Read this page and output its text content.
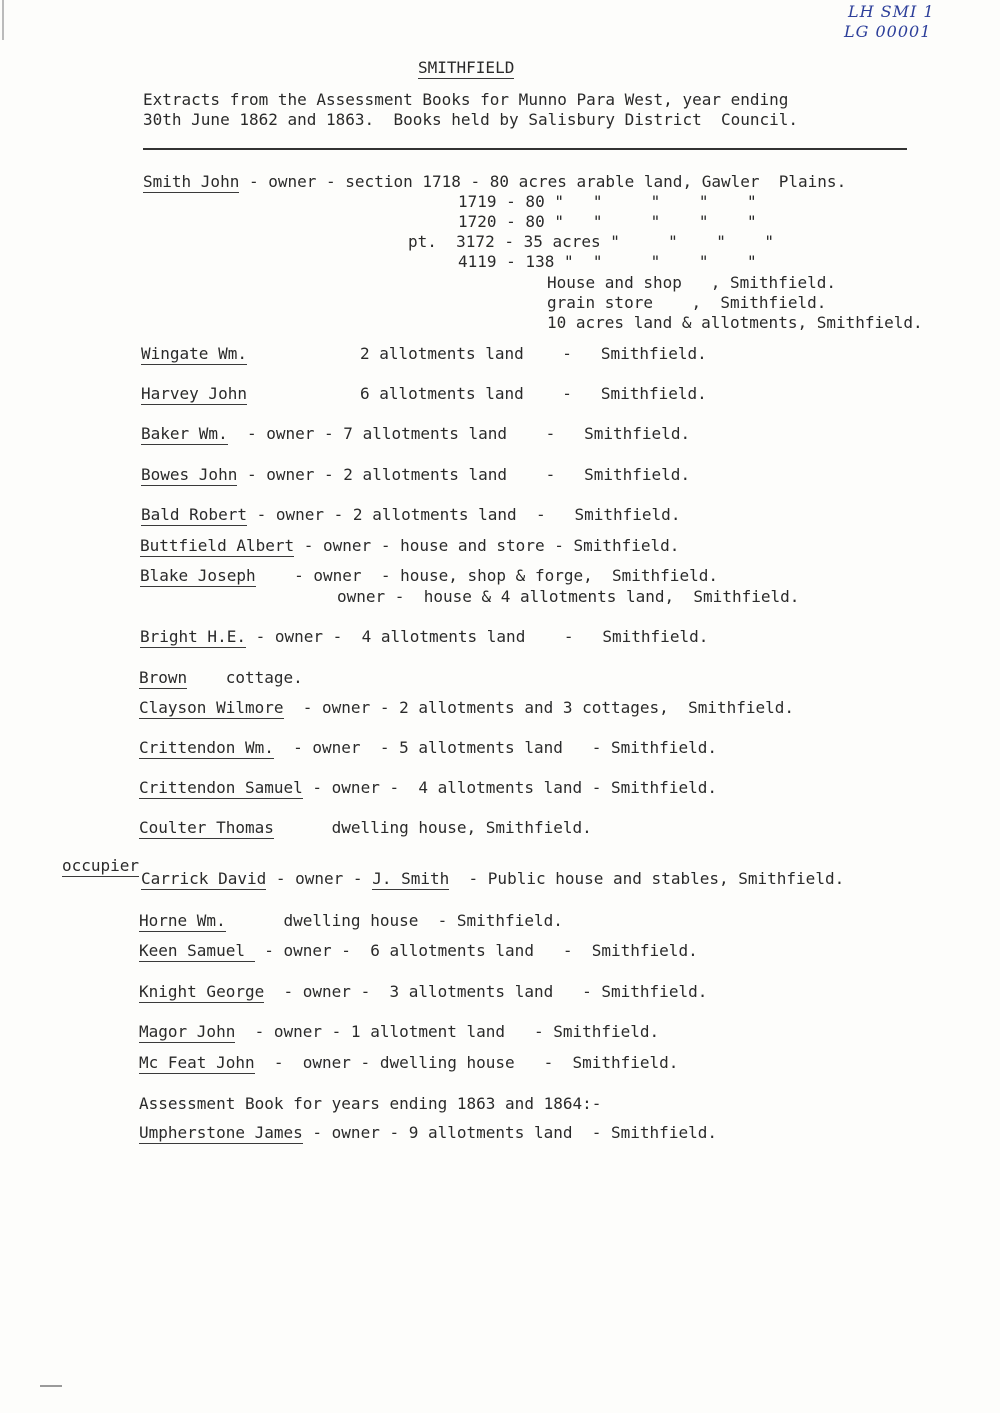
LH SMI 1
LG 00001
SMITHFIELD
Extracts from the Assessment Books for Munno Para West, year ending
30th June 1862 and 1863.  Books held by Salisbury District  Council.
Smith John - owner - section 1718 - 80 acres arable land, Gawler  Plains.
1719 - 80 "   "     "    "    "
1720 - 80 "   "     "    "    "
pt.  3172 - 35 acres "     "    "    "
4119 - 138 "  "     "    "    "
House and shop   , Smithfield.
grain store    ,  Smithfield.
10 acres land & allotments, Smithfield.
Wingate Wm.	2 allotments land    -   Smithfield.
Harvey John	6 allotments land    -   Smithfield.
Baker Wm.  - owner - 7 allotments land    -   Smithfield.
Bowes John - owner - 2 allotments land    -   Smithfield.
Bald Robert - owner - 2 allotments land  -   Smithfield.
Buttfield Albert - owner - house and store - Smithfield.
Blake Joseph    - owner  - house, shop & forge,  Smithfield.
owner -  house & 4 allotments land,  Smithfield.
Bright H.E. - owner -  4 allotments land    -   Smithfield.
Brown    cottage.
Clayson Wilmore  - owner - 2 allotments and 3 cottages,  Smithfield.
Crittendon Wm.  - owner  - 5 allotments land   - Smithfield.
Crittendon Samuel - owner -  4 allotments land - Smithfield.
Coulter Thomas      dwelling house, Smithfield.
occupier
Carrick David - owner - J. Smith  - Public house and stables, Smithfield.
Horne Wm.      dwelling house  - Smithfield.
Keen Samuel  - owner -  6 allotments land   -  Smithfield.
Knight George  - owner -  3 allotments land   - Smithfield.
Magor John  - owner - 1 allotment land   - Smithfield.
Mc Feat John  -  owner - dwelling house   -  Smithfield.
Assessment Book for years ending 1863 and 1864:-
Umpherstone James - owner - 9 allotments land  - Smithfield.
